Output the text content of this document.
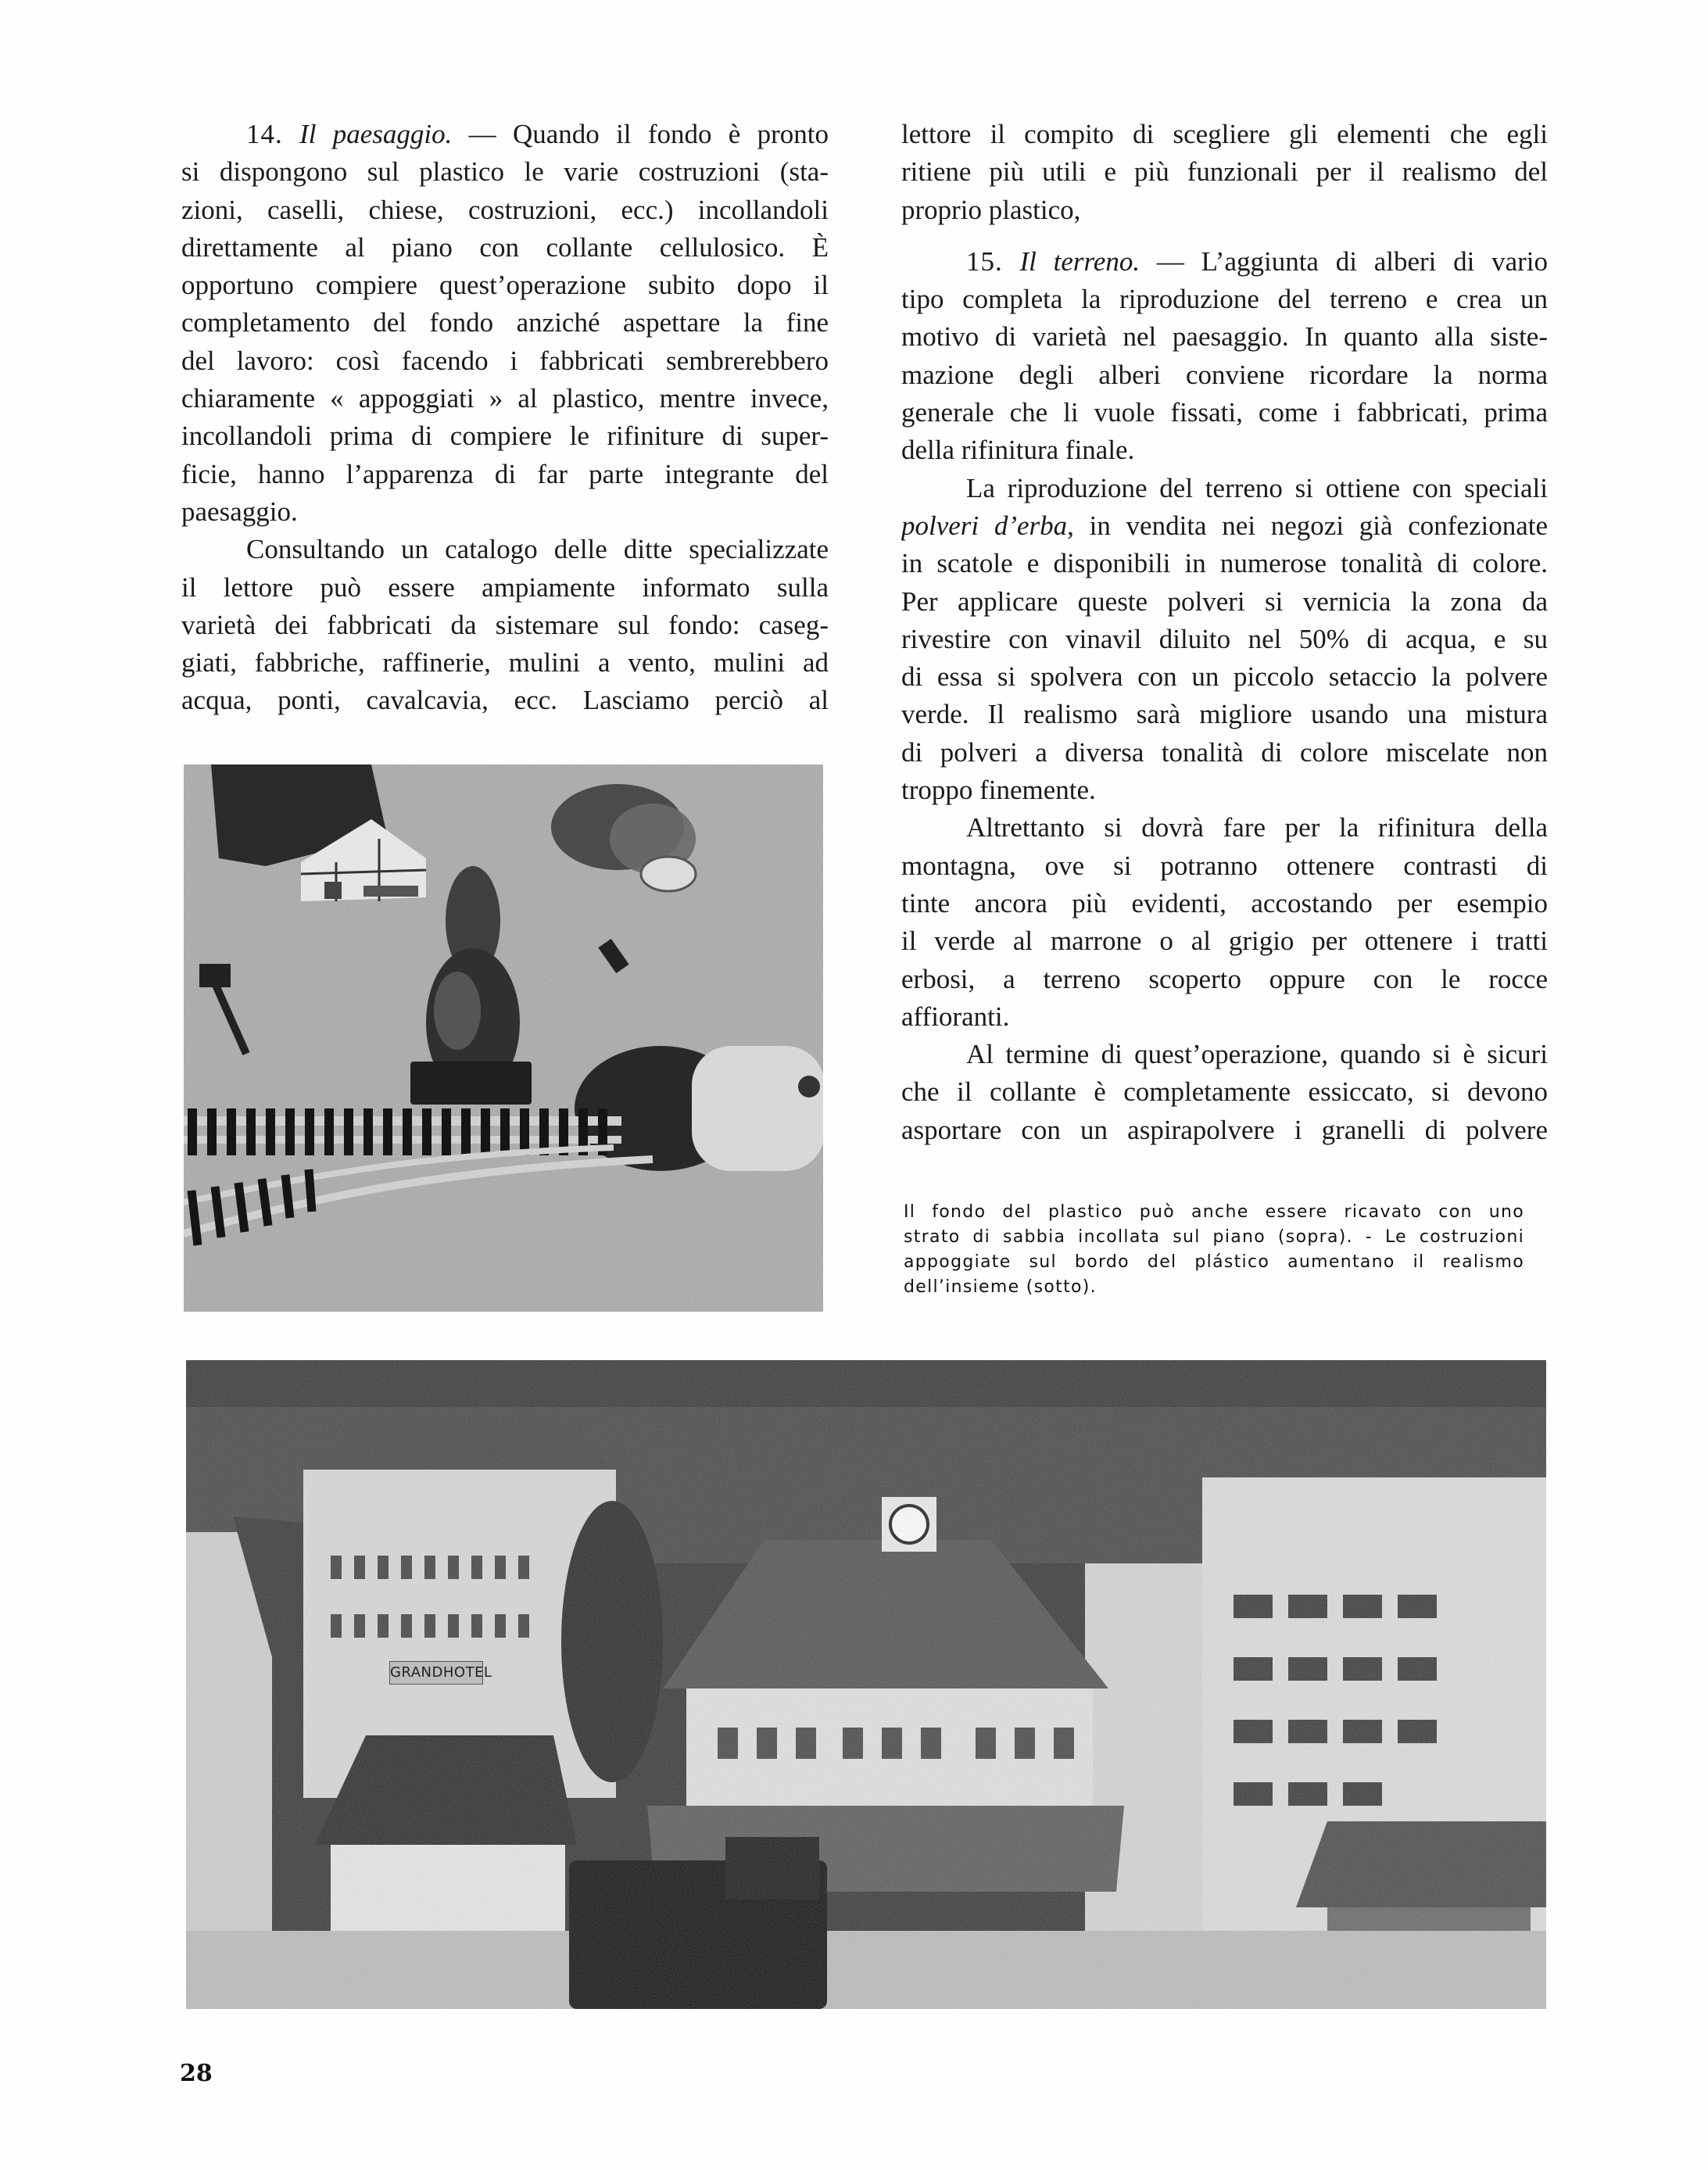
14. Il paesaggio. — Quando il fondo è pronto
si dispongono sul plastico le varie costruzioni (sta-
zioni, caselli, chiese, costruzioni, ecc.) incollandoli
direttamente al piano con collante cellulosico. È
opportuno compiere quest’operazione subito dopo il
completamento del fondo anziché aspettare la fine
del lavoro: così facendo i fabbricati sembrerebbero
chiaramente « appoggiati » al plastico, mentre invece,
incollandoli prima di compiere le rifiniture di super-
ficie, hanno l’apparenza di far parte integrante del
paesaggio.
Consultando un catalogo delle ditte specializzate
il lettore può essere ampiamente informato sulla
varietà dei fabbricati da sistemare sul fondo: caseg-
giati, fabbriche, raffinerie, mulini a vento, mulini ad
acqua, ponti, cavalcavia, ecc. Lasciamo perciò al
lettore il compito di scegliere gli elementi che egli
ritiene più utili e più funzionali per il realismo del
proprio plastico,
15. Il terreno. — L’aggiunta di alberi di vario
tipo completa la riproduzione del terreno e crea un
motivo di varietà nel paesaggio. In quanto alla siste-
mazione degli alberi conviene ricordare la norma
generale che li vuole fissati, come i fabbricati, prima
della rifinitura finale.
La riproduzione del terreno si ottiene con speciali
polveri d’erba, in vendita nei negozi già confezionate
in scatole e disponibili in numerose tonalità di colore.
Per applicare queste polveri si vernicia la zona da
rivestire con vinavil diluito nel 50% di acqua, e su
di essa si spolvera con un piccolo setaccio la polvere
verde. Il realismo sarà migliore usando una mistura
di polveri a diversa tonalità di colore miscelate non
troppo finemente.
Altrettanto si dovrà fare per la rifinitura della
montagna, ove si potranno ottenere contrasti di
tinte ancora più evidenti, accostando per esempio
il verde al marrone o al grigio per ottenere i tratti
erbosi, a terreno scoperto oppure con le rocce
affioranti.
Al termine di quest’operazione, quando si è sicuri
che il collante è completamente essiccato, si devono
asportare con un aspirapolvere i granelli di polvere
Il fondo del plastico può anche essere ricavato con uno
strato di sabbia incollata sul piano (sopra). - Le costruzioni
appoggiate sul bordo del plástico aumentano il realismo
dell’insieme (sotto).
GRANDHOTEL
28
